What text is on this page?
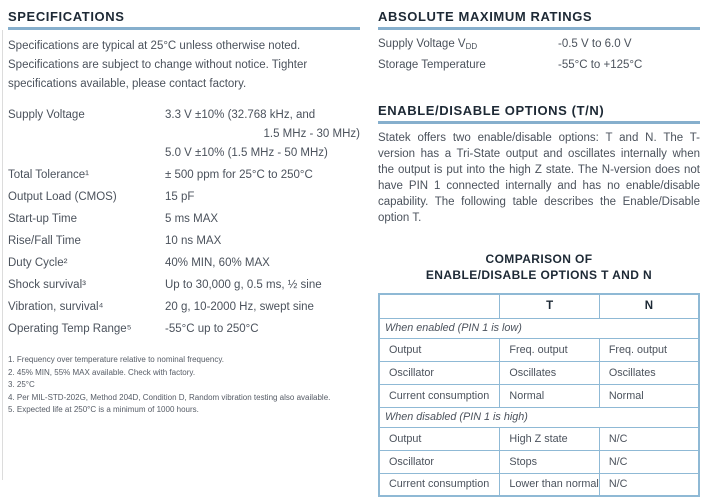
SPECIFICATIONS
Specifications are typical at 25°C unless otherwise noted.
Specifications are subject to change without notice. Tighter
specifications available, please contact factory.
Supply Voltage	3.3 V ±10% (32.768 kHz, and
1.5 MHz - 30 MHz)
5.0 V ±10% (1.5 MHz - 50 MHz)
Total Tolerance¹	± 500 ppm for 25°C to 250°C
Output Load (CMOS)	15 pF
Start-up Time	5 ms MAX
Rise/Fall Time	10 ns MAX
Duty Cycle²	40% MIN, 60% MAX
Shock survival³	Up to 30,000 g, 0.5 ms, ½ sine
Vibration, survival⁴	20 g, 10-2000 Hz, swept sine
Operating Temp Range⁵	-55°C up to 250°C
1. Frequency over temperature relative to nominal frequency.
2. 45% MIN, 55% MAX available. Check with factory.
3. 25°C
4. Per MIL-STD-202G, Method 204D, Condition D, Random vibration testing also available.
5. Expected life at 250°C is a minimum of 1000 hours.
ABSOLUTE MAXIMUM RATINGS
Supply Voltage $V_{DD}$	-0.5 V to 6.0 V
Storage Temperature	-55°C to +125°C
ENABLE/DISABLE OPTIONS (T/N)

Statek offers two enable/disable options: T and N. The T-version has a Tri-State output and oscillates internally when the output is put into the high Z state. The N-version does not have PIN 1 connected internally and has no enable/disable capability. The following table describes the Enable/Disable option T.

COMPARISON OF
ENABLE/DISABLE OPTIONS T AND N
	T	N
When enabled (PIN 1 is low)		
Output	Freq. output	Freq. output
Oscillator	Oscillates	Oscillates
Current consumption	Normal	Normal
When disabled (PIN 1 is high)		
Output	High Z state	N/C
Oscillator	Stops	N/C
Current consumption	Lower than normal	N/C
